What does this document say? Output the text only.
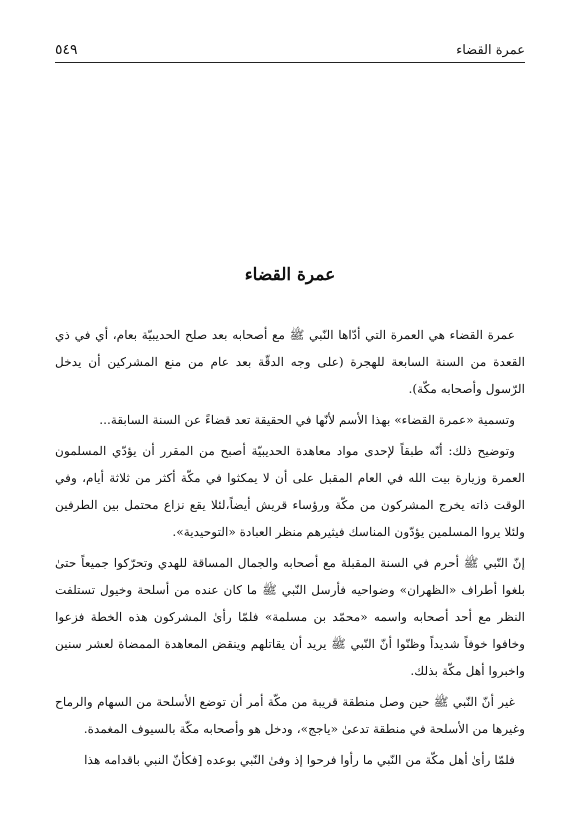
٥٤٩	عمرة القضاء
عمرة القضاء

عمرة القضاء هي العمرة التي أدّاها النّبي ﷺ مع أصحابه بعد صلح الحديبيّة بعام، أي في ذي القعدة من السنة السابعة للهجرة (على وجه الدقّة بعد عام من منع المشركين أن يدخل الرّسول وأصحابه مكّة).

وتسمية «عمرة القضاء» بهذا الأسم لأنّها في الحقيقة تعد قضاءً عن السنة السابقة...

وتوضيح ذلك: أنّه طبقاً لإحدى مواد معاهدة الحديبيّة أصبح من المقرر أن يؤدّي المسلمون العمرة وزيارة بيت الله في العام المقبل على أن لا يمكثوا في مكّة أكثر من ثلاثة أيام، وفي الوقت ذاته يخرج المشركون من مكّة ورؤساء قريش أيضاً،لئلا يقع نزاع محتمل بين الطرفين ولئلا يروا المسلمين يؤدّون المناسك فيثيرهم منظر العبادة «التوحيدية».

إنّ النّبي ﷺ أحرم في السنة المقبلة مع أصحابه والجمال المساقة للهدي وتحرّكوا جميعاً حتىٰ بلغوا أطراف «الظهران» وضواحيه فأرسل النّبي ﷺ ما كان عنده من أسلحة وخيول تستلفت النظر مع أحد أصحابه واسمه «محمّد بن مسلمة» فلمّا رأىٰ المشركون هذه الخطة فزعوا وخافوا خوفاً شديداً وظنّوا أنّ النّبي ﷺ يريد أن يقاتلهم وينقض المعاهدة الممضاة لعشر سنين واخبروا أهل مكّة بذلك.

غير أنّ النّبي ﷺ حين وصل منطقة قريبة من مكّة أمر أن توضع الأسلحة من السهام والرماح وغيرها من الأسلحة في منطقة تدعىٰ «ياجج»، ودخل هو وأصحابه مكّة بالسيوف المغمدة.

فلمّا رأىٰ أهل مكّة من النّبي ما رأوا فرحوا إذ وفىٰ النّبي بوعده [فكأنّ النبي باقدامه هذا
